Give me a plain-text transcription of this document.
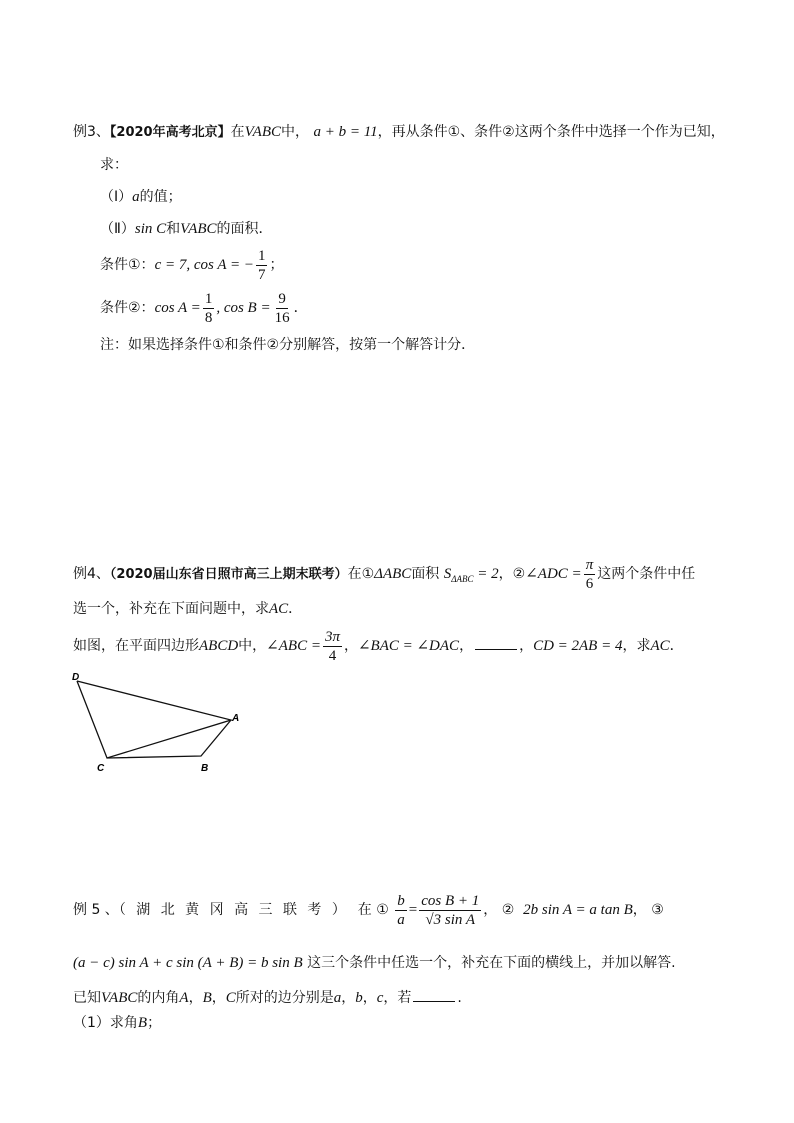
例3、【2020年高考北京】在VABC中， a + b = 11，再从条件①、条件②这两个条件中选择一个作为已知，
求：
（Ⅰ）a的值；
（Ⅱ）sin C和VABC的面积．
条件①：c = 7, cos A = − $\frac{1}{7}$ ；
条件②：$\cos A = \frac{1}{8}$ , $\cos B = \frac{9}{16}$ ．
注：如果选择条件①和条件②分别解答，按第一个解答计分．
例4、（2020届山东省日照市高三上期末联考）在①ΔABC面积 $S_{\Delta ABC} = 2$，②∠ADC = $\frac{\pi}{6}$ 这两个条件中任
选一个，补充在下面问题中，求AC．
如图，在平面四边形ABCD中，∠ABC = $\frac{3\pi}{4}$ ，∠BAC = ∠DAC，	，CD = 2AB = 4，求AC．
D
A
C	B
例 5 、（ 湖 北 黄 冈 高 三 联 考 ） 在 ① $\frac{b}{a} = \frac{\text{cos B + 1}}{\text{√3 sin A}}$ ， ② 2b sin A = a tan B， ③
(a − c) sin A + c sin (A + B) = b sin B 这三个条件中任选一个，补充在下面的横线上，并加以解答.
已知VABC的内角A，B，C所对的边分别是a，b，c，若	.
（1）求角B；
